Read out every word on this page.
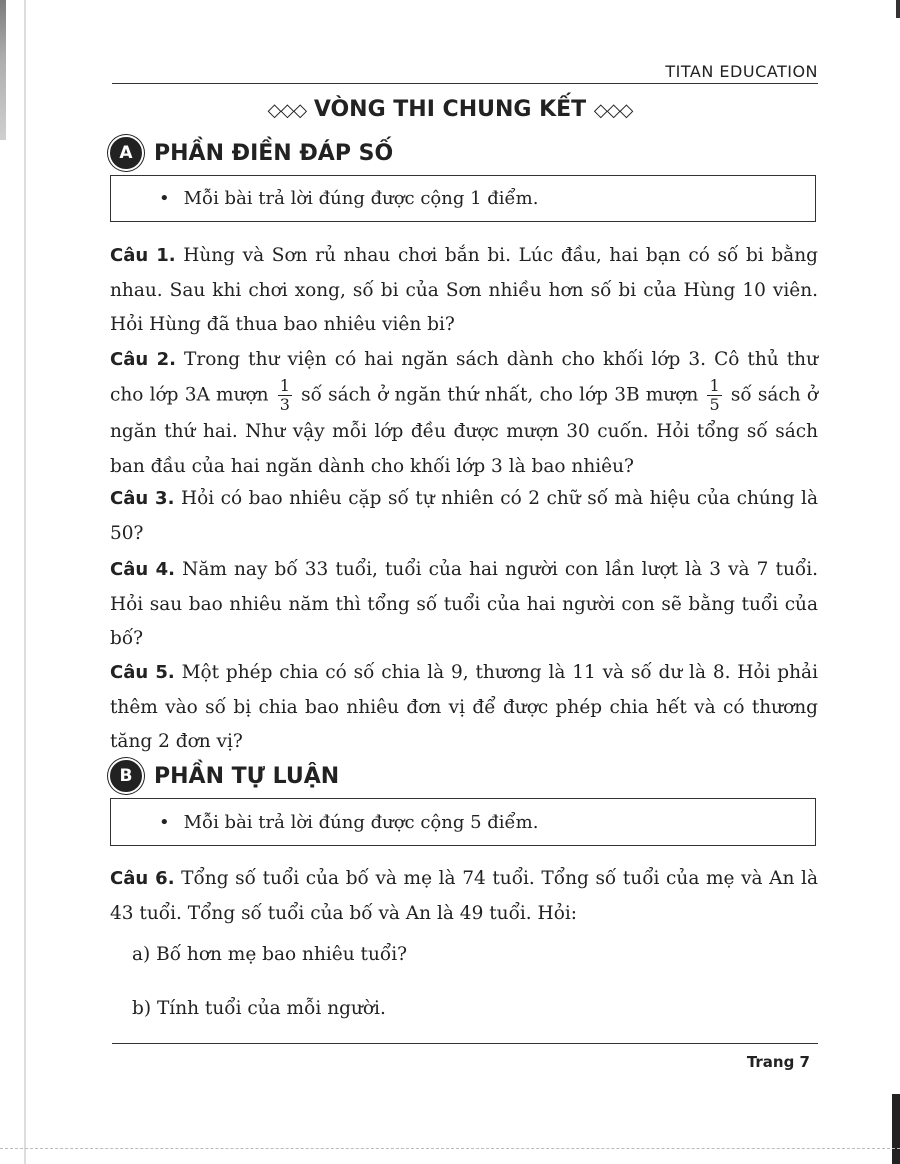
TITAN EDUCATION
◇◇◇ VÒNG THI CHUNG KẾT ◇◇◇
A PHẦN ĐIỀN ĐÁP SỐ
• Mỗi bài trả lời đúng được cộng 1 điểm.
Câu 1. Hùng và Sơn rủ nhau chơi bắn bi. Lúc đầu, hai bạn có số bi bằng nhau. Sau khi chơi xong, số bi của Sơn nhiều hơn số bi của Hùng 10 viên. Hỏi Hùng đã thua bao nhiêu viên bi?
Câu 2. Trong thư viện có hai ngăn sách dành cho khối lớp 3. Cô thủ thư cho lớp 3A mượn $\frac{1}{3}$ số sách ở ngăn thứ nhất, cho lớp 3B mượn $\frac{1}{5}$ số sách ở ngăn thứ hai. Như vậy mỗi lớp đều được mượn 30 cuốn. Hỏi tổng số sách ban đầu của hai ngăn dành cho khối lớp 3 là bao nhiêu?
Câu 3. Hỏi có bao nhiêu cặp số tự nhiên có 2 chữ số mà hiệu của chúng là 50?
Câu 4. Năm nay bố 33 tuổi, tuổi của hai người con lần lượt là 3 và 7 tuổi. Hỏi sau bao nhiêu năm thì tổng số tuổi của hai người con sẽ bằng tuổi của bố?
Câu 5. Một phép chia có số chia là 9, thương là 11 và số dư là 8. Hỏi phải thêm vào số bị chia bao nhiêu đơn vị để được phép chia hết và có thương tăng 2 đơn vị?
B PHẦN TỰ LUẬN
• Mỗi bài trả lời đúng được cộng 5 điểm.
Câu 6. Tổng số tuổi của bố và mẹ là 74 tuổi. Tổng số tuổi của mẹ và An là 43 tuổi. Tổng số tuổi của bố và An là 49 tuổi. Hỏi:
a) Bố hơn mẹ bao nhiêu tuổi?
b) Tính tuổi của mỗi người.
Trang 7
